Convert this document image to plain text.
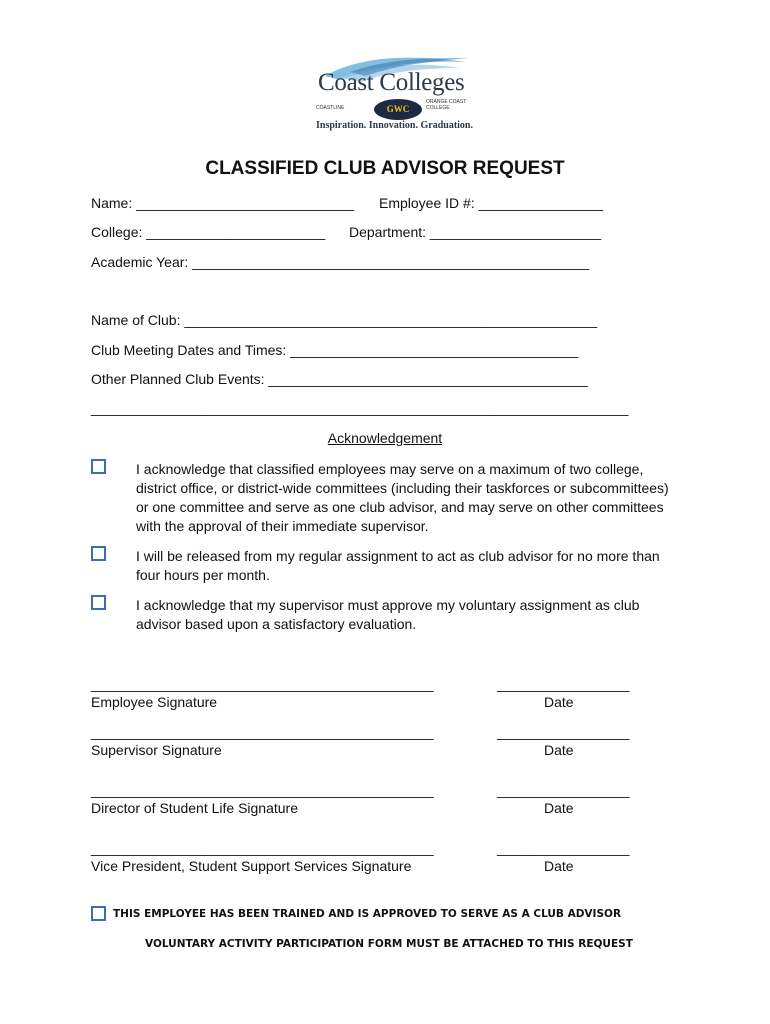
Coast Colleges
COASTLINE	GWC
ORANGE COAST COLLEGE
Inspiration. Innovation. Graduation.
CLASSIFIED CLUB ADVISOR REQUEST
Name: ____________________________ Employee ID #: ________________
College: _______________________ Department: ______________________
Academic Year: ___________________________________________________
Name of Club: _____________________________________________________
Club Meeting Dates and Times: _____________________________________
Other Planned Club Events: _________________________________________
_____________________________________________________________________
Acknowledgement
I acknowledge that classified employees may serve on a maximum of two college, district office, or district-wide committees (including their taskforces or subcommittees) or one committee and serve as one club advisor, and may serve on other committees with the approval of their immediate supervisor.
I will be released from my regular assignment to act as club advisor for no more than four hours per month.
I acknowledge that my supervisor must approve my voluntary assignment as club advisor based upon a satisfactory evaluation.
____________________________________________	_________________
Employee Signature	Date
____________________________________________	_________________
Supervisor Signature	Date
____________________________________________	_________________
Director of Student Life Signature	Date
____________________________________________	_________________
Vice President, Student Support Services Signature	Date
THIS EMPLOYEE HAS BEEN TRAINED AND IS APPROVED TO SERVE AS A CLUB ADVISOR
VOLUNTARY ACTIVITY PARTICIPATION FORM MUST BE ATTACHED TO THIS REQUEST
